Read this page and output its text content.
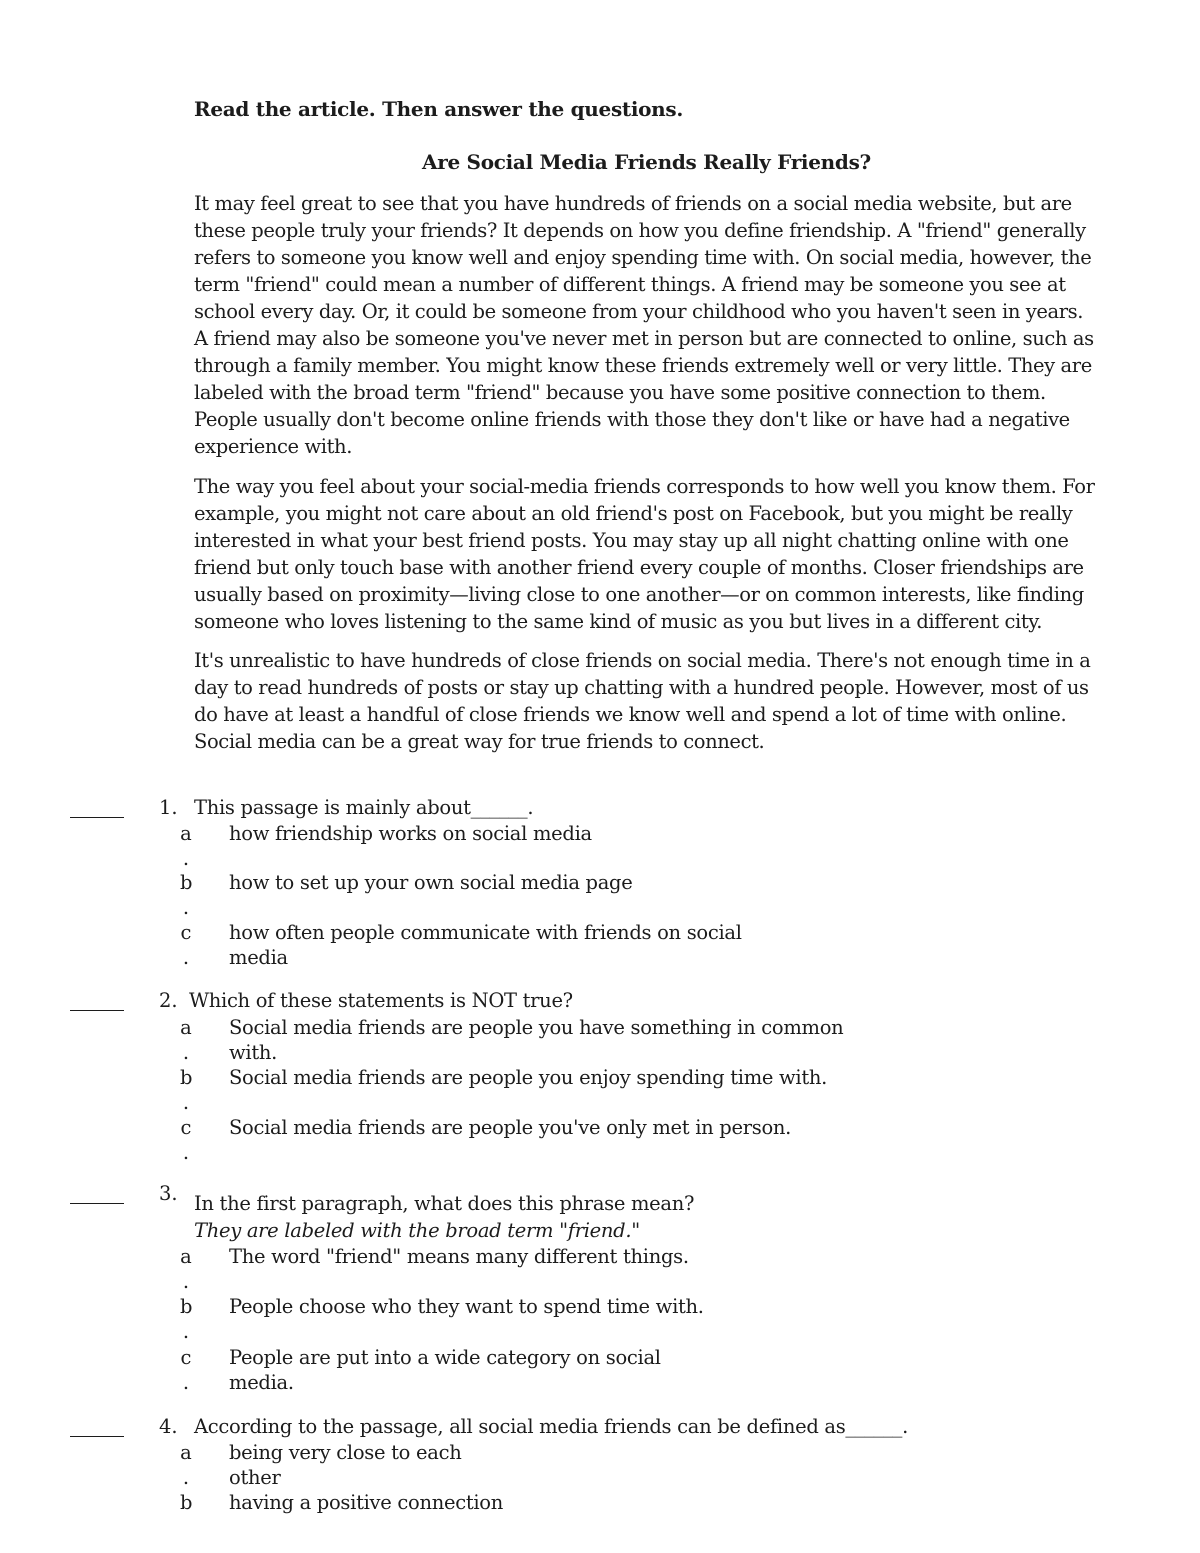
Read the article. Then answer the questions.
Are Social Media Friends Really Friends?

It may feel great to see that you have hundreds of friends on a social media website, but are these people truly your friends? It depends on how you define friendship. A "friend" generally refers to someone you know well and enjoy spending time with. On social media, however, the term "friend" could mean a number of different things. A friend may be someone you see at school every day. Or, it could be someone from your childhood who you haven't seen in years. A friend may also be someone you've never met in person but are connected to online, such as through a family member. You might know these friends extremely well or very little. They are labeled with the broad term "friend" because you have some positive connection to them. People usually don't become online friends with those they don't like or have had a negative experience with.

The way you feel about your social-media friends corresponds to how well you know them. For example, you might not care about an old friend's post on Facebook, but you might be really interested in what your best friend posts. You may stay up all night chatting online with one friend but only touch base with another friend every couple of months. Closer friendships are usually based on proximity—living close to one another—or on common interests, like finding someone who loves listening to the same kind of music as you but lives in a different city.

It's unrealistic to have hundreds of close friends on social media. There's not enough time in a day to read hundreds of posts or stay up chatting with a hundred people. However, most of us do have at least a handful of close friends we know well and spend a lot of time with online. Social media can be a great way for true friends to connect.

1. This passage is mainly about______.
a
.
how friendship works on social media
b
.
how to set up your own social media page
c
.
how often people communicate with friends on social
media
2. Which of these statements is NOT true?
a
.
Social media friends are people you have something in common
with.
b
.
Social media friends are people you enjoy spending time with.
c
.
Social media friends are people you've only met in person.
3. In the first paragraph, what does this phrase mean?
They are labeled with the broad term "friend."
a
.
The word "friend" means many different things.
b
.
People choose who they want to spend time with.
c
.
People are put into a wide category on social
media.
4. According to the passage, all social media friends can be defined as______.
a
.
being very close to each
other
b having a positive connection
